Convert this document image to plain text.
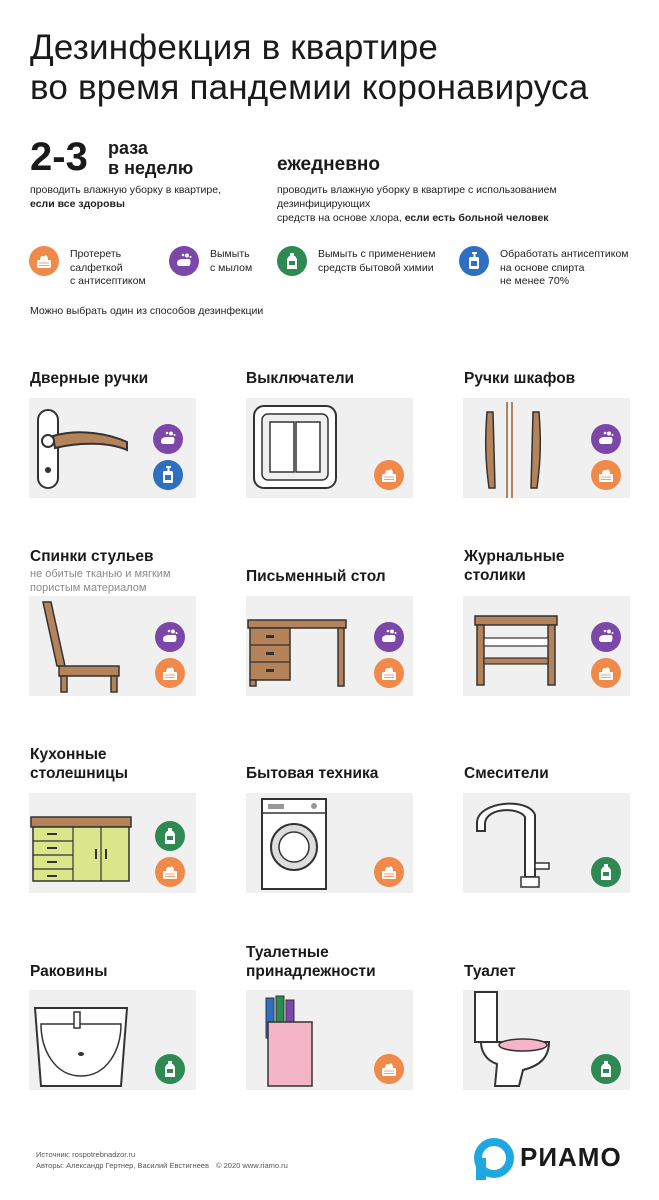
Дезинфекция в квартире
во время пандемии коронавируса
2-3 раза
в неделю
проводить влажную уборку в квартире,
если все здоровы
ежедневно
проводить влажную уборку в квартире с использованием дезинфицирующих
средств на основе хлора, если есть больной человек
Протереть
салфеткой
с антисептиком
Вымыть
с мылом
Вымыть с применением
средств бытовой химии
Обработать антисептиком
на основе спирта
не менее 70%
Можно выбрать один из способов дезинфекции
Дверные ручки	Выключатели	Ручки шкафов
Спинки стульев
не обитые тканью и мягким
пористым материалом
Письменный стол
Журнальные
столики
Кухонные
столешницы	Бытовая техника	Смесители
Раковины
Туалетные
принадлежности	Туалет
Источник: rospotrebnadzor.ru
Авторы: Александр Гертнер, Василий Евстигнеев © 2020 www.riamo.ru	РИАМО
